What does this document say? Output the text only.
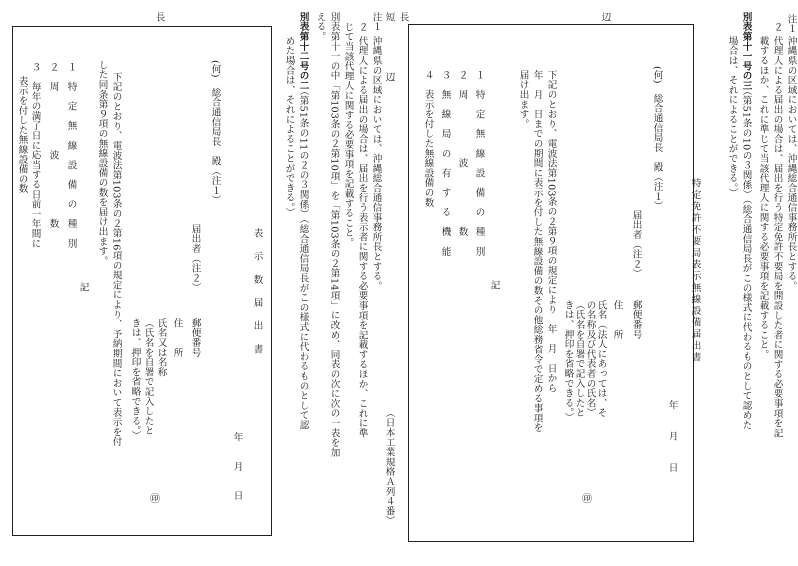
注１
沖縄県の区域においては、沖縄総合通信事務所長とする。
２
代理人による届出の場合は、届出を行う特定免許不要局を開設した者に関する必要事項を記
載するほか、これに準じて当該代理人に関する必要事項を記載すること。
別表第十一号の三
（第51条の10の３関係）（総合通信局長がこの様式に代わるものとして認めた
場合は、それによることができる。）
辺
特定免許不要局表示無線設備届出書
年　月　日
(何)　総合通信局長　殿（注１）
届出者（注２）
郵便番号
住　　所
氏名（法人にあっては、そ
の名称及び代表者の氏名）
（氏名を自署で記入したと
きは、押印を省略できる。）
㊞
下記のとおり、電波法第103条の２第９項の規定により　年　月　日から
年　月　日までの期間に表示を付した無線設備の数その他総務省令で定める事項を
届け出ます。
記
１　特　定　無　線　設　備　の　種　別
２　周　　　　　　波　　　　　　数
３　無　線　局　の　有　す　る　機　能
４　表示を付した無線設備の数
長
短
辺
（日本工業規格Ａ列４番）
注１
沖縄県の区域においては、沖縄総合通信事務所長とする。
２
代理人による届出の場合は、届出を行う表示者に関する必要事項を記載するほか、これに準
じて当該代理人に関する必要事項を記載すること。
別表第十一の中「第103条の２第10項」を「第103条の２第14項」に改め、同表の次に次の一表を加
える。
別表第十二号の二
（第51条の11の２の３関係）（総合通信局長がこの様式に代わるものとして認
めた場合は、それによることができる。）
表　示　数　届　出　書
年　　月　　日
(何)　総合通信局長　殿（注１）
届出者（注２）
郵便番号
住　　所
氏名又は名称
（氏名を自署で記入したと
きは、押印を省略できる。）
㊞
下記のとおり、電波法第103条の２第16項の規定により、予納期間において表示を付
した同条第９項の無線設備の数を届け出ます。
記
１　特　定　無　線　設　備　の　種　別
２　周　　　　　　波　　　　　　数
３　毎年の満了日に応当する日前一年間に
表示を付した無線設備の数
長
